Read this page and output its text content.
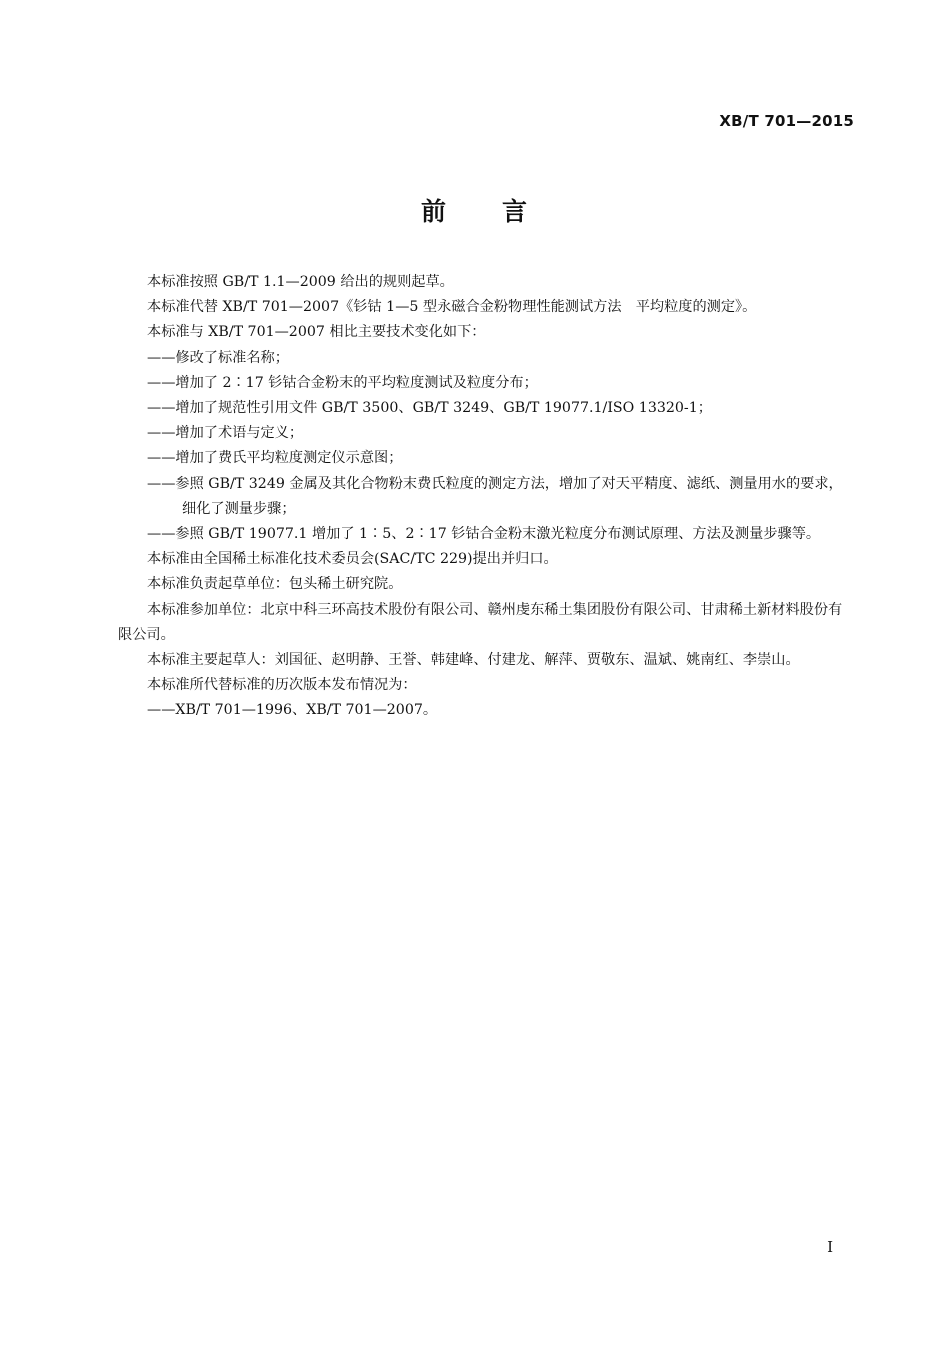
XB/T 701—2015
前　　言

本标准按照 GB/T 1.1—2009 给出的规则起草。

本标准代替 XB/T 701—2007《钐钴 1—5 型永磁合金粉物理性能测试方法　平均粒度的测定》。

本标准与 XB/T 701—2007 相比主要技术变化如下：

——修改了标准名称；

——增加了 2∶17 钐钴合金粉末的平均粒度测试及粒度分布；

——增加了规范性引用文件 GB/T 3500、GB/T 3249、GB/T 19077.1/ISO 13320-1；

——增加了术语与定义；

——增加了费氏平均粒度测定仪示意图；

——参照 GB/T 3249 金属及其化合物粉末费氏粒度的测定方法，增加了对天平精度、滤纸、测量用水的要求，细化了测量步骤；

——参照 GB/T 19077.1 增加了 1∶5、2∶17 钐钴合金粉末激光粒度分布测试原理、方法及测量步骤等。

本标准由全国稀土标准化技术委员会(SAC/TC 229)提出并归口。

本标准负责起草单位：包头稀土研究院。

本标准参加单位：北京中科三环高技术股份有限公司、赣州虔东稀土集团股份有限公司、甘肃稀土新材料股份有限公司。

本标准主要起草人：刘国征、赵明静、王誉、韩建峰、付建龙、解萍、贾敬东、温斌、姚南红、李崇山。

本标准所代替标准的历次版本发布情况为：

——XB/T 701—1996、XB/T 701—2007。

I
